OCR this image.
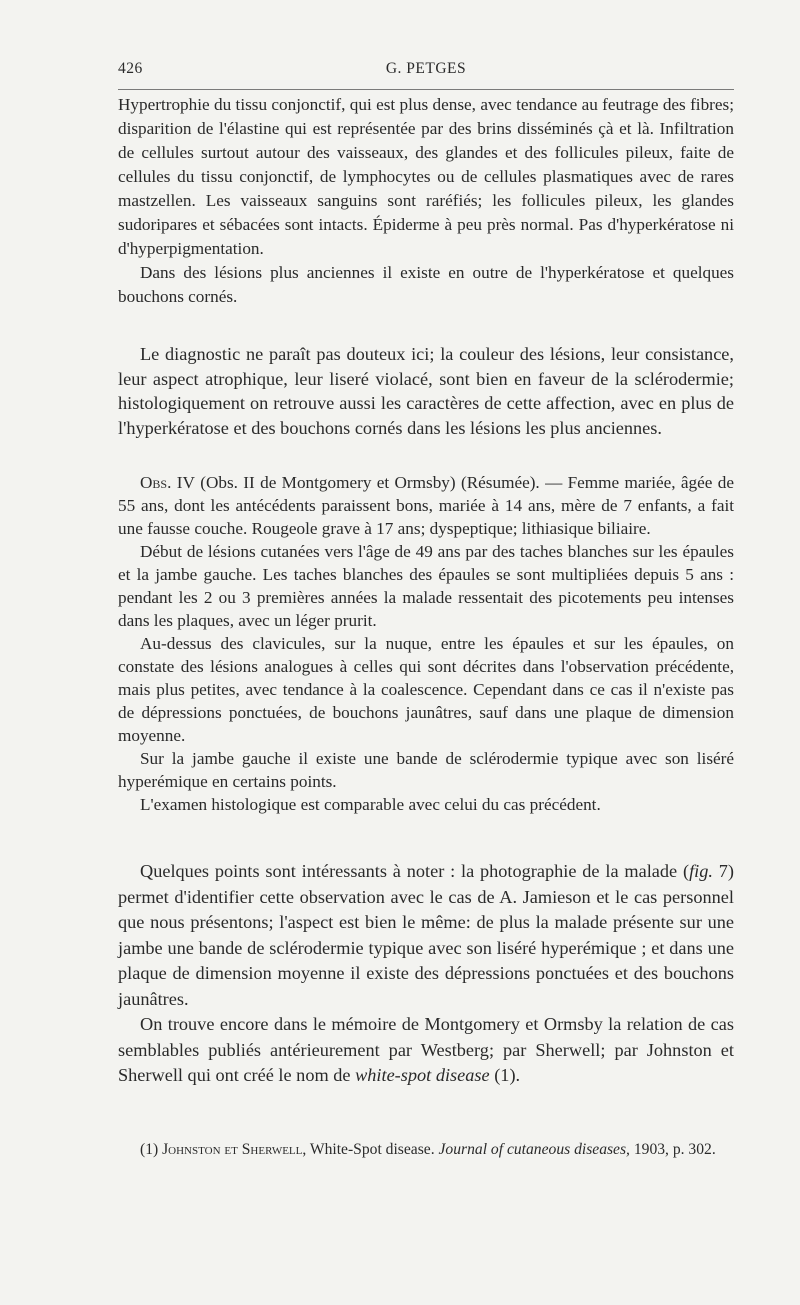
426	G. PETGES

Hypertrophie du tissu conjonctif, qui est plus dense, avec tendance au feutrage des fibres; disparition de l'élastine qui est représentée par des brins disséminés çà et là. Infiltration de cellules surtout autour des vaisseaux, des glandes et des follicules pileux, faite de cellules du tissu conjonctif, de lymphocytes ou de cellules plasmatiques avec de rares mastzellen. Les vaisseaux sanguins sont raréfiés; les follicules pileux, les glandes sudoripares et sébacées sont intacts. Épiderme à peu près normal. Pas d'hyperkératose ni d'hyperpigmentation.

Dans des lésions plus anciennes il existe en outre de l'hyperkératose et quelques bouchons cornés.

Le diagnostic ne paraît pas douteux ici; la couleur des lésions, leur consistance, leur aspect atrophique, leur liseré violacé, sont bien en faveur de la sclérodermie; histologiquement on retrouve aussi les caractères de cette affection, avec en plus de l'hyperkératose et des bouchons cornés dans les lésions les plus anciennes.

Obs. IV (Obs. II de Montgomery et Ormsby) (Résumée). — Femme mariée, âgée de 55 ans, dont les antécédents paraissent bons, mariée à 14 ans, mère de 7 enfants, a fait une fausse couche. Rougeole grave à 17 ans; dyspeptique; lithiasique biliaire.

Début de lésions cutanées vers l'âge de 49 ans par des taches blanches sur les épaules et la jambe gauche. Les taches blanches des épaules se sont multipliées depuis 5 ans : pendant les 2 ou 3 premières années la malade ressentait des picotements peu intenses dans les plaques, avec un léger prurit.

Au-dessus des clavicules, sur la nuque, entre les épaules et sur les épaules, on constate des lésions analogues à celles qui sont décrites dans l'observation précédente, mais plus petites, avec tendance à la coalescence. Cependant dans ce cas il n'existe pas de dépressions ponctuées, de bouchons jaunâtres, sauf dans une plaque de dimension moyenne.

Sur la jambe gauche il existe une bande de sclérodermie typique avec son liséré hyperémique en certains points.

L'examen histologique est comparable avec celui du cas précédent.

Quelques points sont intéressants à noter : la photographie de la malade (fig. 7) permet d'identifier cette observation avec le cas de A. Jamieson et le cas personnel que nous présentons; l'aspect est bien le même: de plus la malade présente sur une jambe une bande de sclérodermie typique avec son liséré hyperémique ; et dans une plaque de dimension moyenne il existe des dépressions ponctuées et des bouchons jaunâtres.

On trouve encore dans le mémoire de Montgomery et Ormsby la relation de cas semblables publiés antérieurement par Westberg; par Sherwell; par Johnston et Sherwell qui ont créé le nom de white-spot disease (1).

(1) Johnston et Sherwell, White-Spot disease. Journal of cutaneous diseases, 1903, p. 302.
